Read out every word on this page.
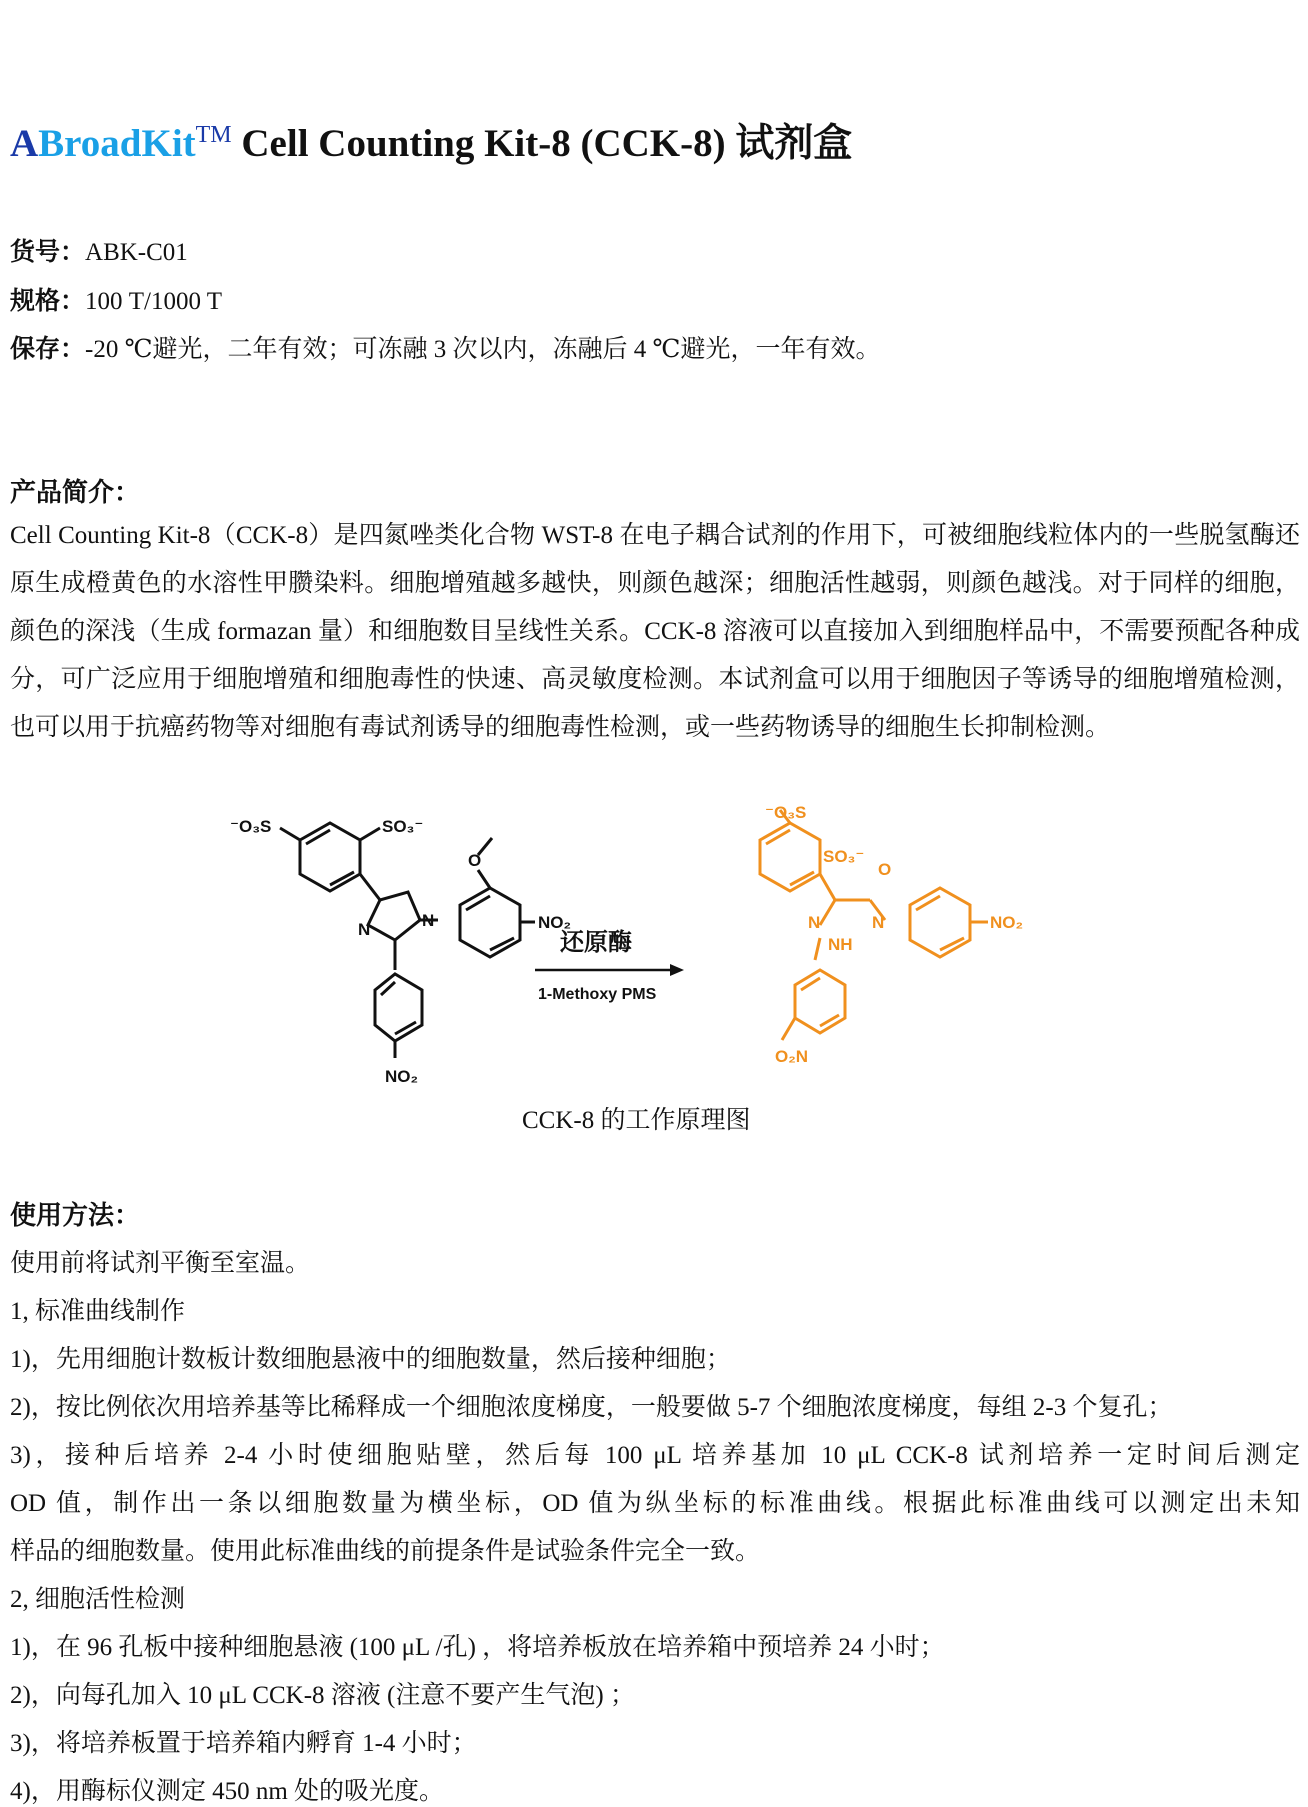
ABroadKit™ Cell Counting Kit-8 (CCK-8) 试剂盒
货号：ABK-C01
规格：100 T/1000 T
保存：-20 ℃避光，二年有效；可冻融 3 次以内，冻融后 4 ℃避光，一年有效。
产品简介：
Cell Counting Kit-8（CCK-8）是四氮唑类化合物 WST-8 在电子耦合试剂的作用下，可被细胞线粒体内的一些脱氢酶还原生成橙黄色的水溶性甲臜染料。细胞增殖越多越快，则颜色越深；细胞活性越弱，则颜色越浅。对于同样的细胞，颜色的深浅（生成 formazan 量）和细胞数目呈线性关系。CCK-8 溶液可以直接加入到细胞样品中，不需要预配各种成分，可广泛应用于细胞增殖和细胞毒性的快速、高灵敏度检测。本试剂盒可以用于细胞因子等诱导的细胞增殖检测，也可以用于抗癌药物等对细胞有毒试剂诱导的细胞毒性检测，或一些药物诱导的细胞生长抑制检测。
⁻O₃S	SO₃⁻
O
N
N	NO₂
NO₂
还原酶
1-Methoxy PMS
⁻O₃S
SO₃⁻
O
N
N	NO₂
NH
O₂N
CCK-8 的工作原理图
使用方法：
使用前将试剂平衡至室温。
1, 标准曲线制作
1)，先用细胞计数板计数细胞悬液中的细胞数量，然后接种细胞；
2)，按比例依次用培养基等比稀释成一个细胞浓度梯度，一般要做 5-7 个细胞浓度梯度，每组 2-3 个复孔；
3)，接种后培养 2-4 小时使细胞贴壁，然后每 100 μL 培养基加 10 μL CCK-8 试剂培养一定时间后测定
OD 值，制作出一条以细胞数量为横坐标，OD 值为纵坐标的标准曲线。根据此标准曲线可以测定出未知
样品的细胞数量。使用此标准曲线的前提条件是试验条件完全一致。
2, 细胞活性检测
1)，在 96 孔板中接种细胞悬液 (100 μL /孔) ，将培养板放在培养箱中预培养 24 小时；
2)，向每孔加入 10 μL CCK-8 溶液 (注意不要产生气泡) ；
3)，将培养板置于培养箱内孵育 1-4 小时；
4)，用酶标仪测定 450 nm 处的吸光度。
